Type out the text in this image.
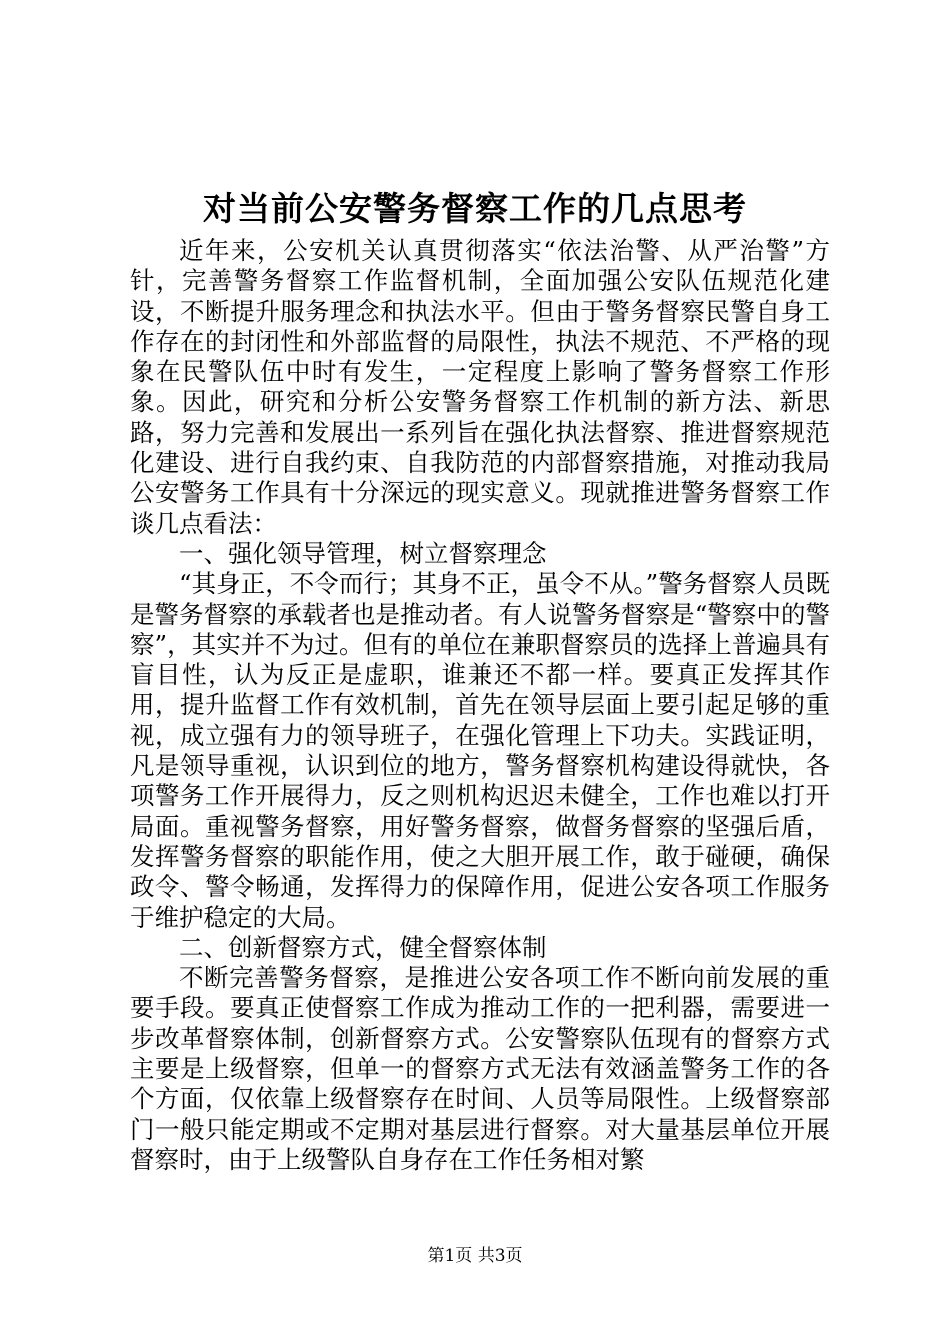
对当前公安警务督察工作的几点思考

近年来，公安机关认真贯彻落实“依法治警、从严治警”方针，完善警务督察工作监督机制，全面加强公安队伍规范化建设，不断提升服务理念和执法水平。但由于警务督察民警自身工作存在的封闭性和外部监督的局限性，执法不规范、不严格的现象在民警队伍中时有发生，一定程度上影响了警务督察工作形象。因此，研究和分析公安警务督察工作机制的新方法、新思路，努力完善和发展出一系列旨在强化执法督察、推进督察规范化建设、进行自我约束、自我防范的内部督察措施，对推动我局公安警务工作具有十分深远的现实意义。现就推进警务督察工作谈几点看法：

一、强化领导管理，树立督察理念

“其身正，不令而行；其身不正，虽令不从。”警务督察人员既是警务督察的承载者也是推动者。有人说警务督察是“警察中的警察”，其实并不为过。但有的单位在兼职督察员的选择上普遍具有盲目性，认为反正是虚职，谁兼还不都一样。要真正发挥其作用，提升监督工作有效机制，首先在领导层面上要引起足够的重视，成立强有力的领导班子，在强化管理上下功夫。实践证明，凡是领导重视，认识到位的地方，警务督察机构建设得就快，各项警务工作开展得力，反之则机构迟迟未健全，工作也难以打开局面。重视警务督察，用好警务督察，做督务督察的坚强后盾，发挥警务督察的职能作用，使之大胆开展工作，敢于碰硬，确保政令、警令畅通，发挥得力的保障作用，促进公安各项工作服务于维护稳定的大局。

二、创新督察方式，健全督察体制

不断完善警务督察，是推进公安各项工作不断向前发展的重要手段。要真正使督察工作成为推动工作的一把利器，需要进一步改革督察体制，创新督察方式。公安警察队伍现有的督察方式主要是上级督察，但单一的督察方式无法有效涵盖警务工作的各个方面，仅依靠上级督察存在时间、人员等局限性。上级督察部门一般只能定期或不定期对基层进行督察。对大量基层单位开展督察时，由于上级警队自身存在工作任务相对繁

第1页 共3页
